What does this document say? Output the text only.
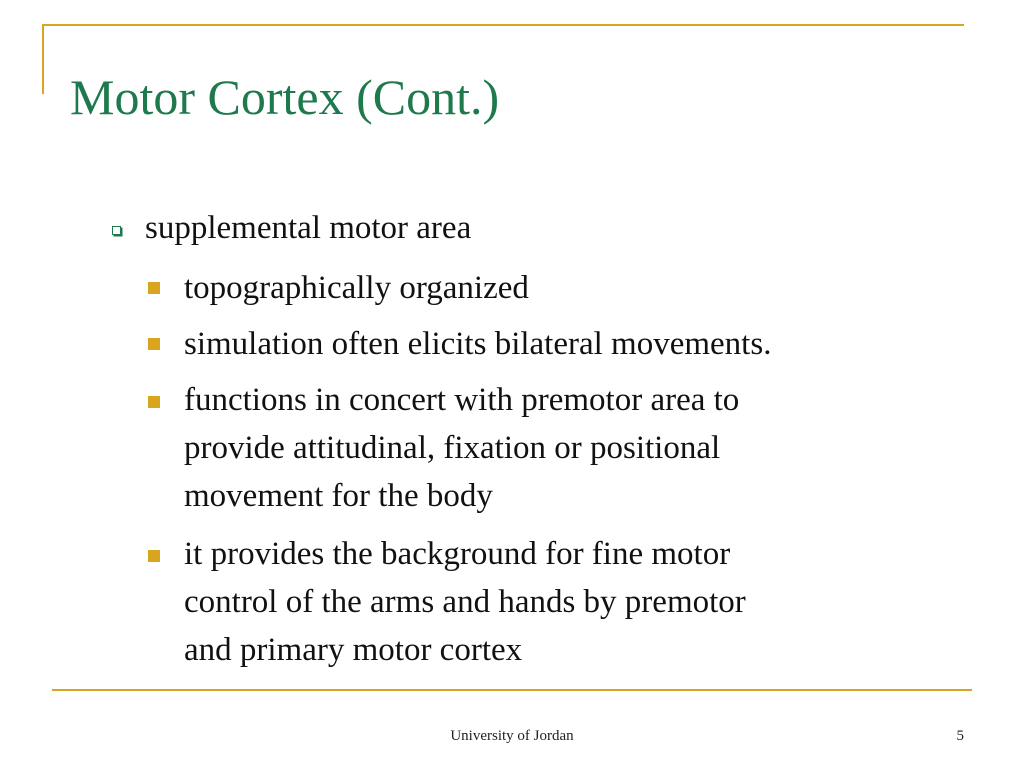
Motor Cortex (Cont.)
supplemental motor area
topographically organized
simulation often elicits bilateral movements.
functions in concert with premotor area to
provide attitudinal, fixation or positional
movement for the body
it provides the background for fine motor
control of the arms and hands by premotor
and primary motor cortex
University of Jordan	5
